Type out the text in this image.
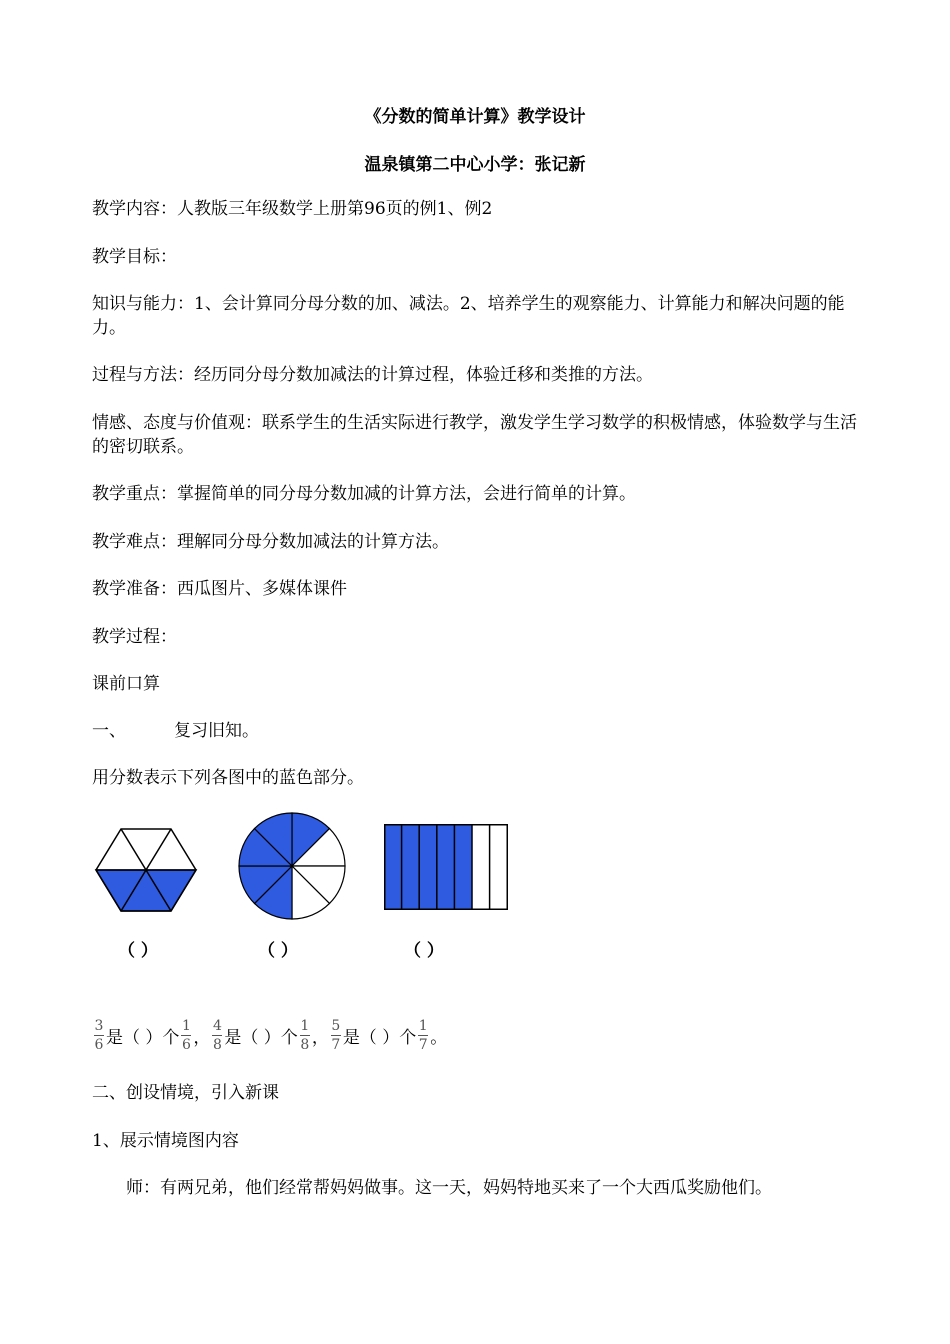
《分数的简单计算》教学设计
温泉镇第二中心小学：张记新

教学内容：人教版三年级数学上册第96页的例1、例2

教学目标：

知识与能力：1、会计算同分母分数的加、减法。2、培养学生的观察能力、计算能力和解决问题的能力。

过程与方法：经历同分母分数加减法的计算过程，体验迁移和类推的方法。

情感、态度与价值观：联系学生的生活实际进行教学，激发学生学习数学的积极情感，体验数学与生活的密切联系。

教学重点：掌握简单的同分母分数加减的计算方法，会进行简单的计算。

教学难点：理解同分母分数加减法的计算方法。

教学准备：西瓜图片、多媒体课件

教学过程：

课前口算

一、	复习旧知。

用分数表示下列各图中的蓝色部分。

（ ）	（ ）	（ ）
$\frac{3}{6}$ 是（ ）个 $\frac{1}{6}$ ， $\frac{4}{8}$ 是（ ）个 $\frac{1}{8}$ ， $\frac{5}{7}$ 是（ ）个 $\frac{1}{7}$ 。

二、创设情境，引入新课

1、展示情境图内容

师：有两兄弟，他们经常帮妈妈做事。这一天，妈妈特地买来了一个大西瓜奖励他们。
